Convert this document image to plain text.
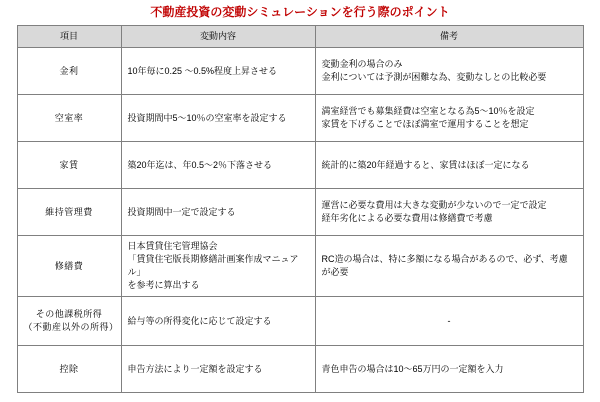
不動産投資の変動シミュレーションを行う際のポイント
項目	変動内容	備考
金利	10年毎に0.25 ～0.5%程度上昇させる	変動金利の場合のみ
金利については予測が困難な為、変動なしとの比較必要

空室率	投資期間中5～10％の空室率を設定する	満室経営でも募集経費は空室となる為5～10％を設定
家賃を下げることでほぼ満室で運用することを想定

家賃	築20年迄は、年0.5～2％下落させる	統計的に築20年経過すると、家賃はほぼ一定になる

維持管理費	投資期間中一定で設定する	運営に必要な費用は大きな変動が少ないので一定で設定
経年劣化による必要な費用は修繕費で考慮

修繕費	日本賃貸住宅管理協会
「賃貸住宅版長期修繕計画案作成マニュアル」
を参考に算出する	RC造の場合は、特に多額になる場合があるので、必ず、考慮
が必要

その他課税所得
（不動産以外の所得）	給与等の所得変化に応じて設定する	-
控除	申告方法により一定額を設定する	青色申告の場合は10～65万円の一定額を入力
